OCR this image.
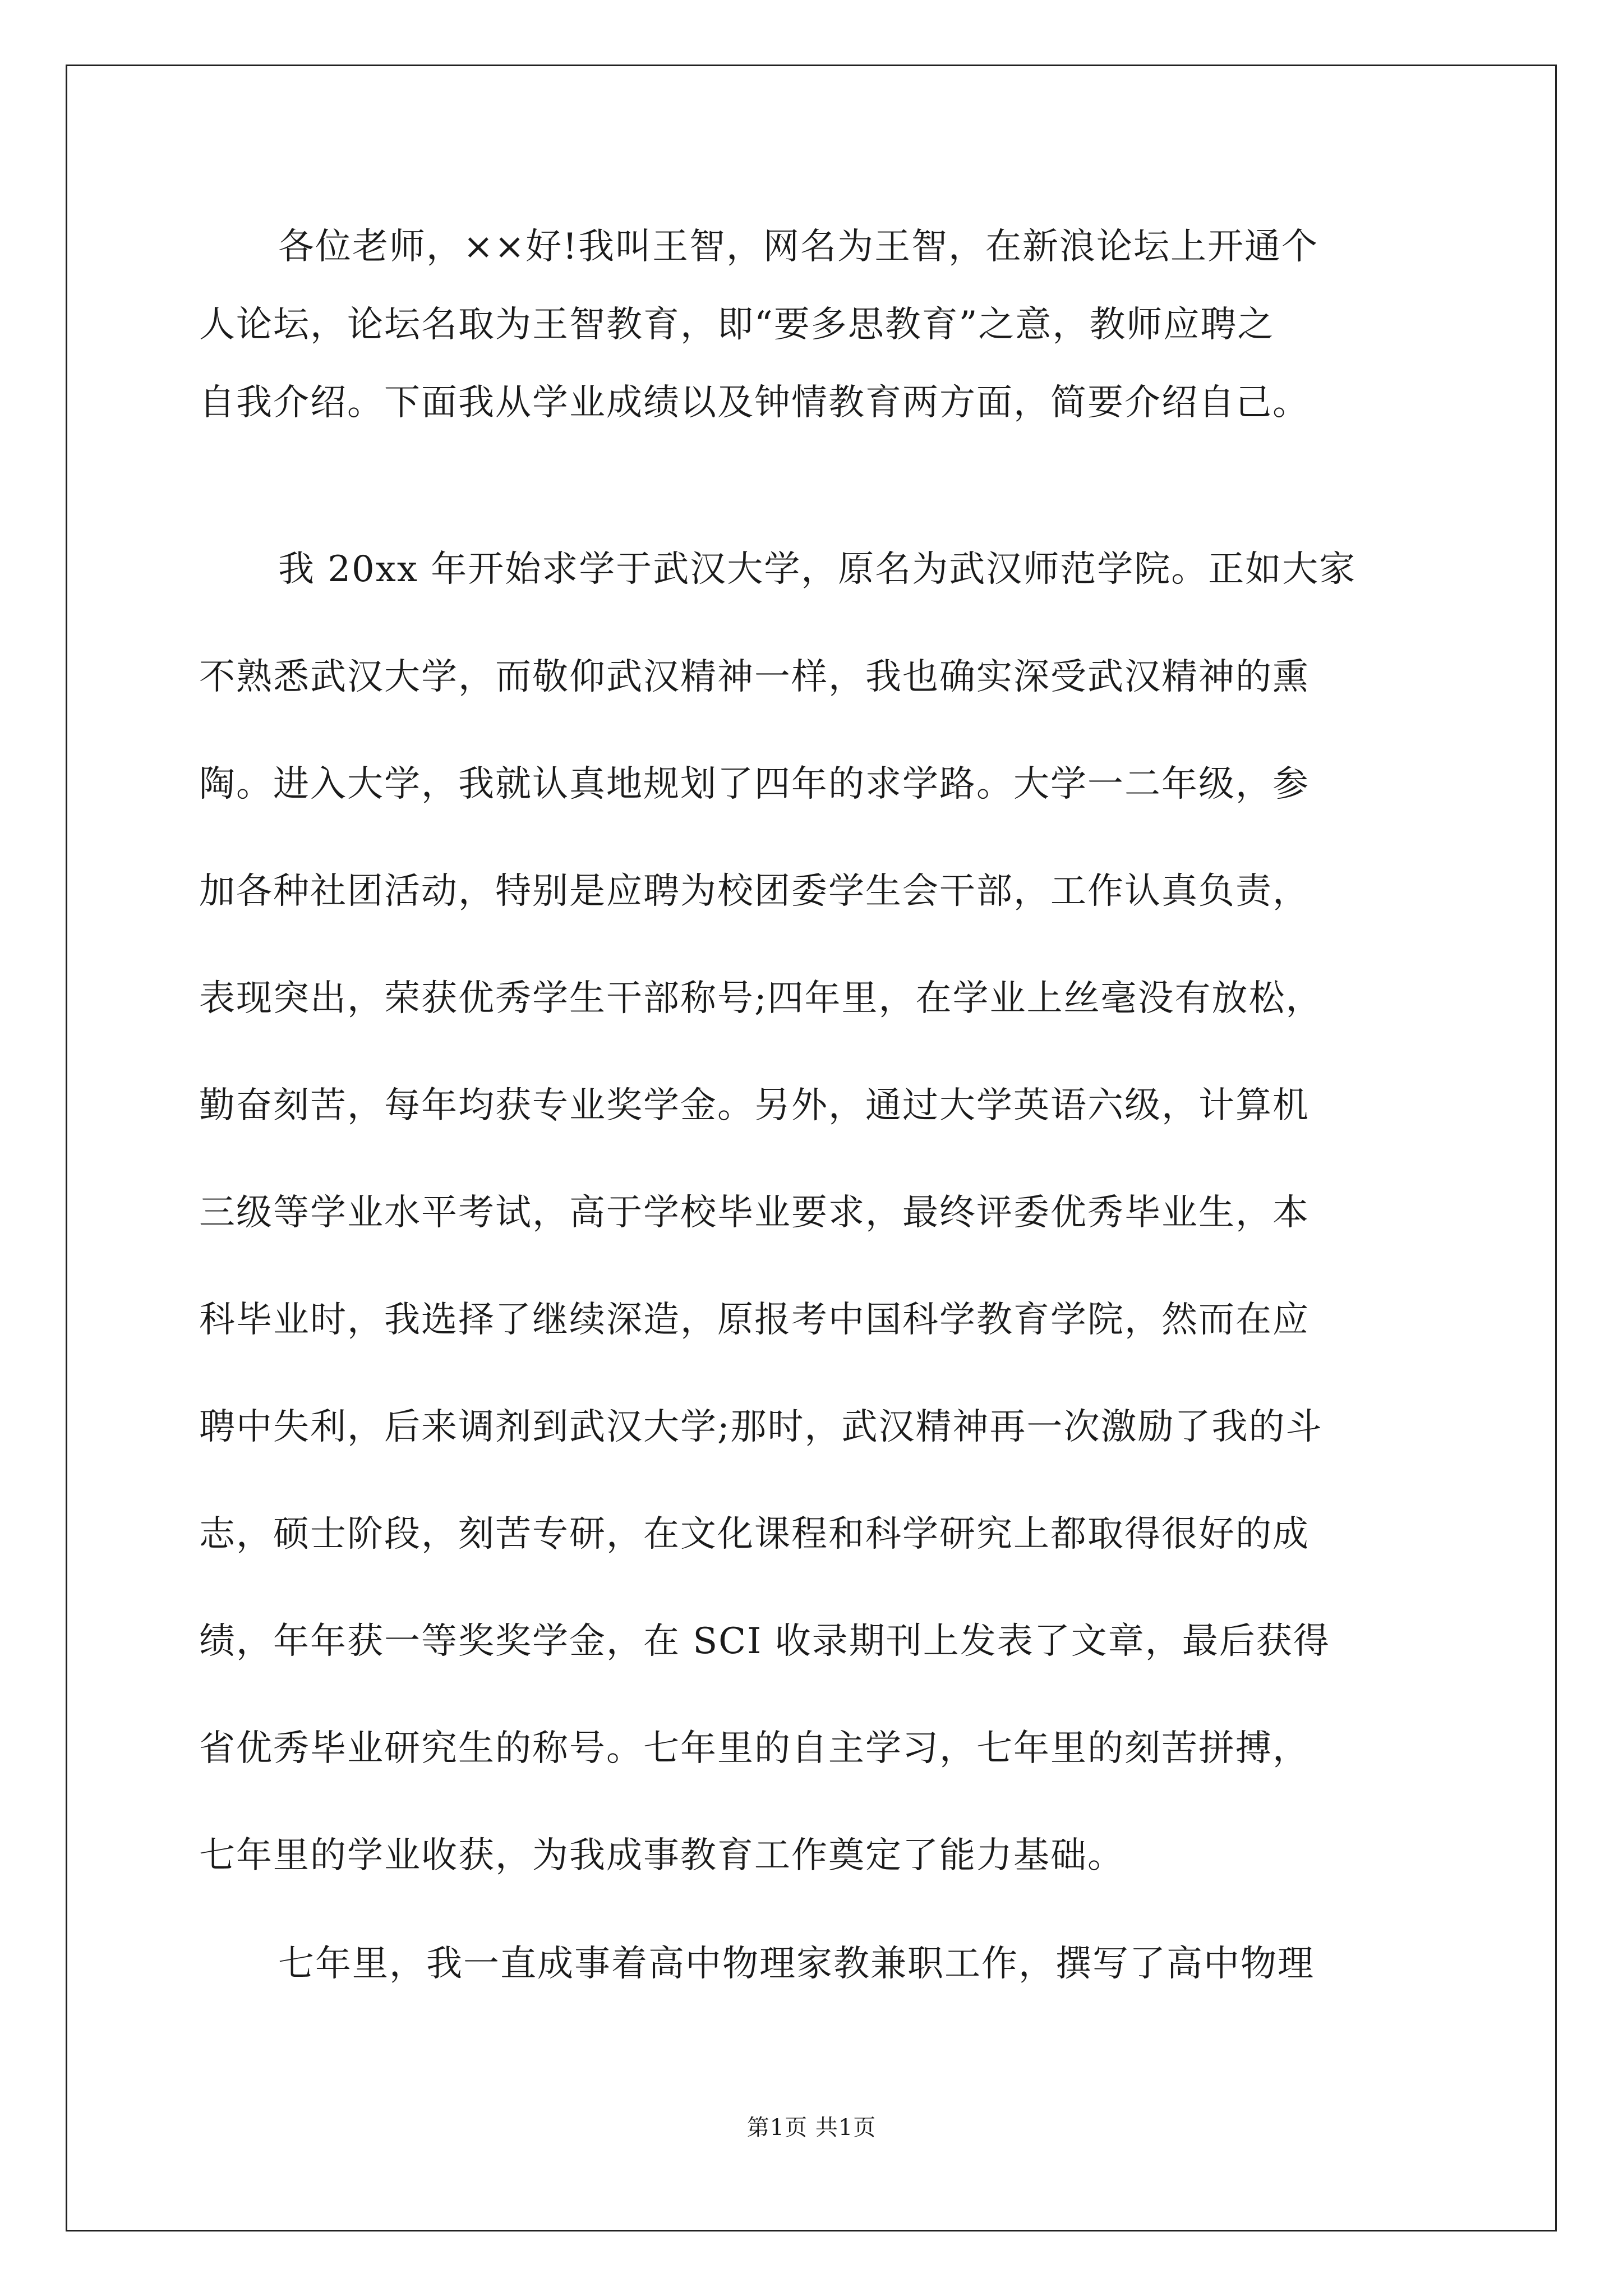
各位老师，××好!我叫王智，网名为王智，在新浪论坛上开通个

人论坛，论坛名取为王智教育，即“要多思教育”之意，教师应聘之

自我介绍。下面我从学业成绩以及钟情教育两方面，简要介绍自己。

我 20xx 年开始求学于武汉大学，原名为武汉师范学院。正如大家

不熟悉武汉大学，而敬仰武汉精神一样，我也确实深受武汉精神的熏

陶。进入大学，我就认真地规划了四年的求学路。大学一二年级，参

加各种社团活动，特别是应聘为校团委学生会干部，工作认真负责，

表现突出，荣获优秀学生干部称号;四年里，在学业上丝毫没有放松，

勤奋刻苦，每年均获专业奖学金。另外，通过大学英语六级，计算机

三级等学业水平考试，高于学校毕业要求，最终评委优秀毕业生，本

科毕业时，我选择了继续深造，原报考中国科学教育学院，然而在应

聘中失利，后来调剂到武汉大学;那时，武汉精神再一次激励了我的斗

志，硕士阶段，刻苦专研，在文化课程和科学研究上都取得很好的成

绩，年年获一等奖奖学金，在 SCI 收录期刊上发表了文章，最后获得

省优秀毕业研究生的称号。七年里的自主学习，七年里的刻苦拼搏，

七年里的学业收获，为我成事教育工作奠定了能力基础。

七年里，我一直成事着高中物理家教兼职工作，撰写了高中物理

第1页 共1页
